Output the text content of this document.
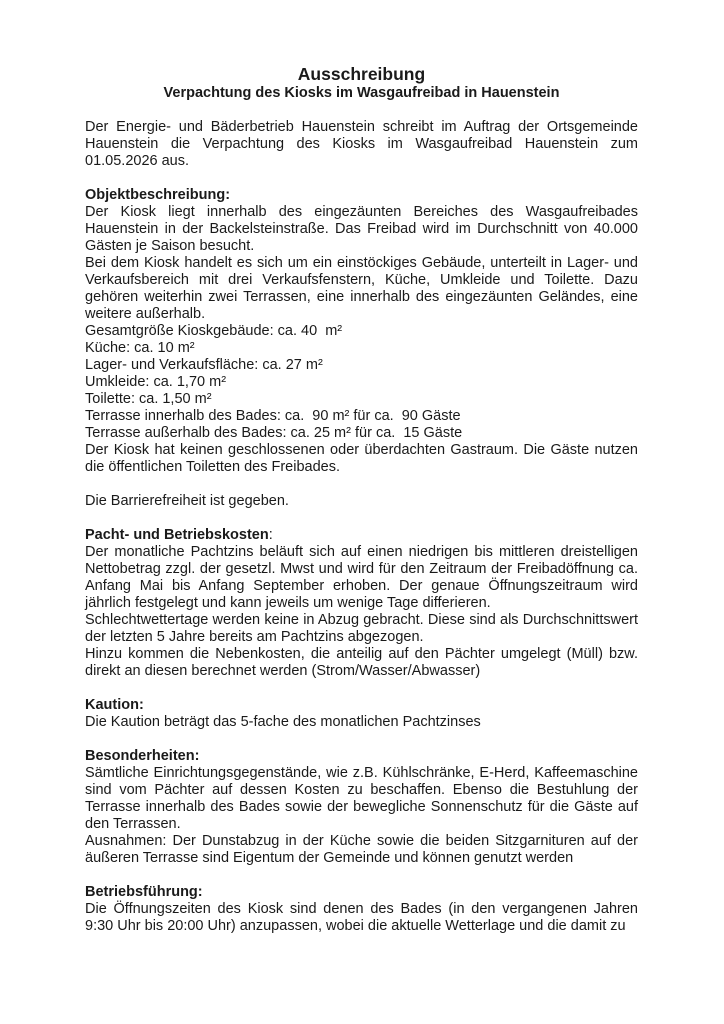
Ausschreibung
Verpachtung des Kiosks im Wasgaufreibad in Hauenstein
Der Energie- und Bäderbetrieb Hauenstein schreibt im Auftrag der Ortsgemeinde Hauenstein die Verpachtung des Kiosks im Wasgaufreibad Hauenstein zum 01.05.2026 aus.
Objektbeschreibung:
Der Kiosk liegt innerhalb des eingezäunten Bereiches des Wasgaufreibades Hauenstein in der Backelsteinstraße. Das Freibad wird im Durchschnitt von 40.000 Gästen je Saison besucht.
Bei dem Kiosk handelt es sich um ein einstöckiges Gebäude, unterteilt in Lager- und Verkaufsbereich mit drei Verkaufsfenstern, Küche, Umkleide und Toilette. Dazu gehören weiterhin zwei Terrassen, eine innerhalb des eingezäunten Geländes, eine weitere außerhalb.
Gesamtgröße Kioskgebäude: ca. 40  m²
Küche: ca. 10 m²
Lager- und Verkaufsfläche: ca. 27 m²
Umkleide: ca. 1,70 m²
Toilette: ca. 1,50 m²
Terrasse innerhalb des Bades: ca.  90 m² für ca.  90 Gäste
Terrasse außerhalb des Bades: ca. 25 m² für ca.  15 Gäste
Der Kiosk hat keinen geschlossenen oder überdachten Gastraum. Die Gäste nutzen die öffentlichen Toiletten des Freibades.
Die Barrierefreiheit ist gegeben.
Pacht- und Betriebskosten:
Der monatliche Pachtzins beläuft sich auf einen niedrigen bis mittleren dreistelligen Nettobetrag zzgl. der gesetzl. Mwst und wird für den Zeitraum der Freibadöffnung ca. Anfang Mai bis Anfang September erhoben. Der genaue Öffnungszeitraum wird jährlich festgelegt und kann jeweils um wenige Tage differieren.
Schlechtwettertage werden keine in Abzug gebracht. Diese sind als Durchschnittswert der letzten 5 Jahre bereits am Pachtzins abgezogen.
Hinzu kommen die Nebenkosten, die anteilig auf den Pächter umgelegt (Müll) bzw. direkt an diesen berechnet werden (Strom/Wasser/Abwasser)
Kaution:
Die Kaution beträgt das 5-fache des monatlichen Pachtzinses
Besonderheiten:
Sämtliche Einrichtungsgegenstände, wie z.B. Kühlschränke, E-Herd, Kaffeemaschine sind vom Pächter auf dessen Kosten zu beschaffen. Ebenso die Bestuhlung der Terrasse innerhalb des Bades sowie der bewegliche Sonnenschutz für die Gäste auf den Terrassen.
Ausnahmen: Der Dunstabzug in der Küche sowie die beiden Sitzgarnituren auf der äußeren Terrasse sind Eigentum der Gemeinde und können genutzt werden
Betriebsführung:
Die Öffnungszeiten des Kiosk sind denen des Bades (in den vergangenen Jahren 9:30 Uhr bis 20:00 Uhr) anzupassen, wobei die aktuelle Wetterlage und die damit zu
